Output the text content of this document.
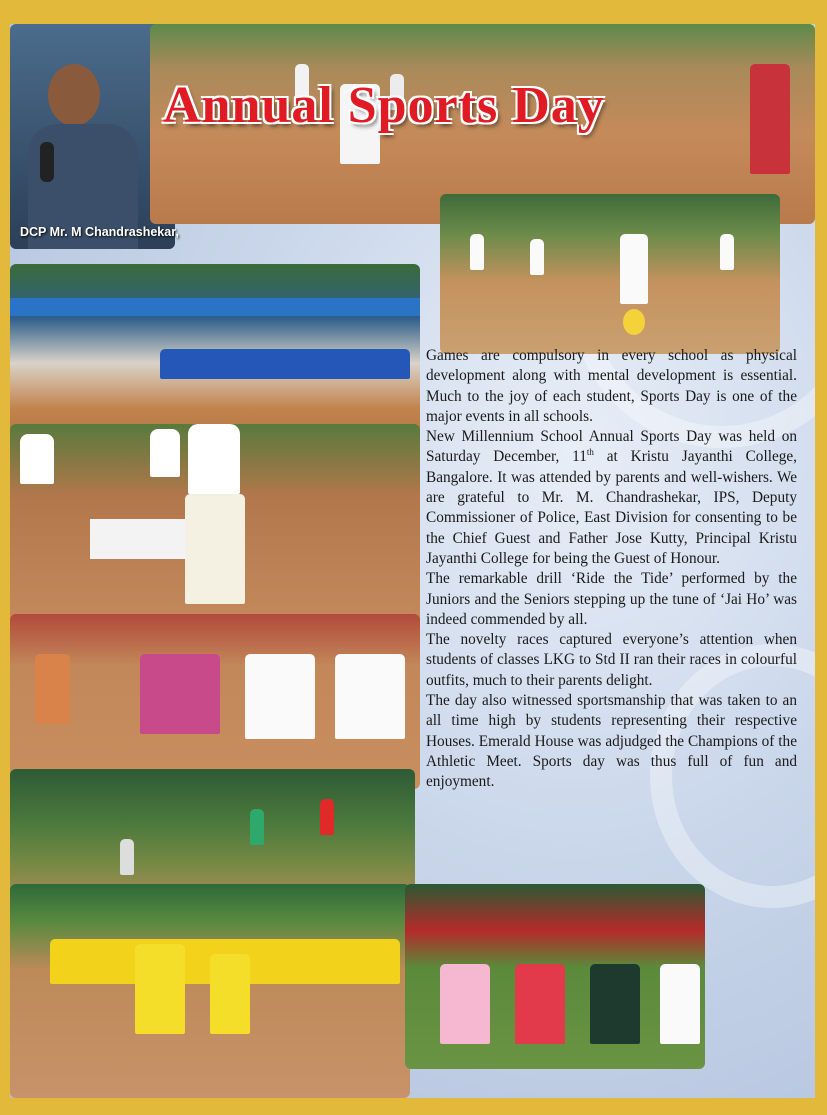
Annual Sports Day
DCP Mr. M Chandrashekar,

Games are compulsory in every school as physical development along with mental development is essential. Much to the joy of each student, Sports Day is one of the major events in all schools.

New Millennium School Annual Sports Day was held on Saturday December, 11th at Kristu Jayanthi College, Bangalore. It was attended by parents and well-wishers. We are grateful to Mr. M. Chandrashekar, IPS, Deputy Commissioner of Police, East Division for consenting to be the Chief Guest and Father Jose Kutty, Principal Kristu Jayanthi College for being the Guest of Honour.

The remarkable drill ‘Ride the Tide’ performed by the Juniors and the Seniors stepping up the tune of ‘Jai Ho’ was indeed commended by all.

The novelty races captured everyone’s attention when students of classes LKG to Std II ran their races in colourful outfits, much to their parents delight.

The day also witnessed sportsmanship that was taken to an all time high by students representing their respective Houses. Emerald House was adjudged the Champions of the Athletic Meet. Sports day was thus full of fun and enjoyment.
